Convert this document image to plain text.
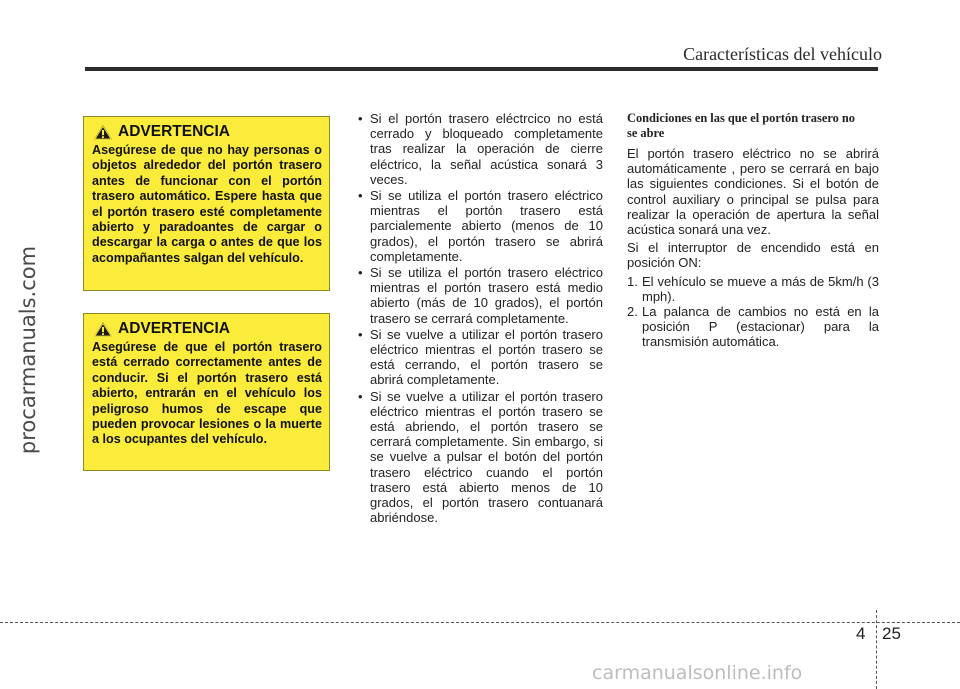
Características del vehículo
procarmanuals.com
ADVERTENCIA

Asegúrese de que no hay personas o objetos alrededor del portón trasero antes de funcionar con el portón trasero automático. Espere hasta que el portón trasero esté completamente abierto y paradoantes de cargar o descargar la carga o antes de que los acompañantes salgan del vehículo.

ADVERTENCIA

Asegúrese de que el portón trasero está cerrado correctamente antes de conducir. Si el portón trasero está abierto, entrarán en el vehículo los peligroso humos de escape que pueden provocar lesiones o la muerte a los ocupantes del vehículo.

• Si el portón trasero eléctrcico no está cerrado y bloqueado completamente tras realizar la operación de cierre eléctrico, la señal acústica sonará 3 veces.
• Si se utiliza el portón trasero eléctrico mientras el portón trasero está parcialemente abierto (menos de 10 grados), el portón trasero se abrirá completamente.
• Si se utiliza el portón trasero eléctrico mientras el portón trasero está medio abierto (más de 10 grados), el portón trasero se cerrará completamente.
• Si se vuelve a utilizar el portón trasero eléctrico mientras el portón trasero se está cerrando, el portón trasero se abrirá completamente.
• Si se vuelve a utilizar el portón trasero eléctrico mientras el portón trasero se está abriendo, el portón trasero se cerrará completamente. Sin embargo, si se vuelve a pulsar el botón del portón trasero eléctrico cuando el portón trasero está abierto menos de 10 grados, el portón trasero contuanará abriéndose.

Condiciones en las que el portón trasero no se abre

El portón trasero eléctrico no se abrirá automáticamente , pero se cerrará en bajo las siguientes condiciones. Si el botón de control auxiliary o principal se pulsa para realizar la operación de apertura la señal acústica sonará una vez.

Si el interruptor de encendido está en posición ON:

1. El vehículo se mueve a más de 5km/h (3 mph).
2. La palanca de cambios no está en la posición P (estacionar) para la transmisión automática.
4 25
carmanualsonline.info
